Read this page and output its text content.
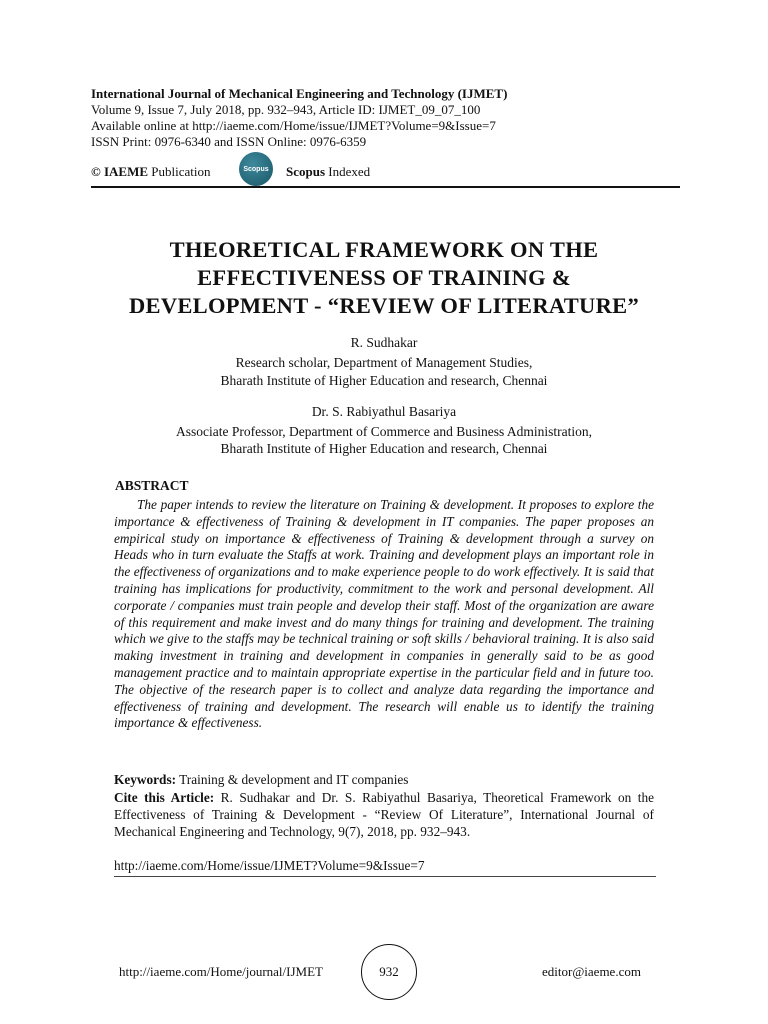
International Journal of Mechanical Engineering and Technology (IJMET)
Volume 9, Issue 7, July 2018, pp. 932–943, Article ID: IJMET_09_07_100
Available online at http://iaeme.com/Home/issue/IJMET?Volume=9&Issue=7
ISSN Print: 0976-6340 and ISSN Online: 0976-6359
© IAEME Publication	Scopus Scopus Indexed
THEORETICAL FRAMEWORK ON THE
EFFECTIVENESS OF TRAINING &
DEVELOPMENT - “REVIEW OF LITERATURE”
R. Sudhakar
Research scholar, Department of Management Studies,
Bharath Institute of Higher Education and research, Chennai
Dr. S. Rabiyathul Basariya
Associate Professor, Department of Commerce and Business Administration,
Bharath Institute of Higher Education and research, Chennai
ABSTRACT
The paper intends to review the literature on Training & development. It proposes to explore the importance & effectiveness of Training & development in IT companies. The paper proposes an empirical study on importance & effectiveness of Training & development through a survey on Heads who in turn evaluate the Staffs at work. Training and development plays an important role in the effectiveness of organizations and to make experience people to do work effectively. It is said that training has implications for productivity, commitment to the work and personal development. All corporate / companies must train people and develop their staff. Most of the organization are aware of this requirement and make invest and do many things for training and development. The training which we give to the staffs may be technical training or soft skills / behavioral training. It is also said making investment in training and development in companies in generally said to be as good management practice and to maintain appropriate expertise in the particular field and in future too. The objective of the research paper is to collect and analyze data regarding the importance and effectiveness of training and development. The research will enable us to identify the training importance & effectiveness.
Keywords: Training & development and IT companies
Cite this Article: R. Sudhakar and Dr. S. Rabiyathul Basariya, Theoretical Framework on the Effectiveness of Training & Development - “Review Of Literature”, International Journal of Mechanical Engineering and Technology, 9(7), 2018, pp. 932–943.
http://iaeme.com/Home/issue/IJMET?Volume=9&Issue=7
http://iaeme.com/Home/journal/IJMET	932	editor@iaeme.com
